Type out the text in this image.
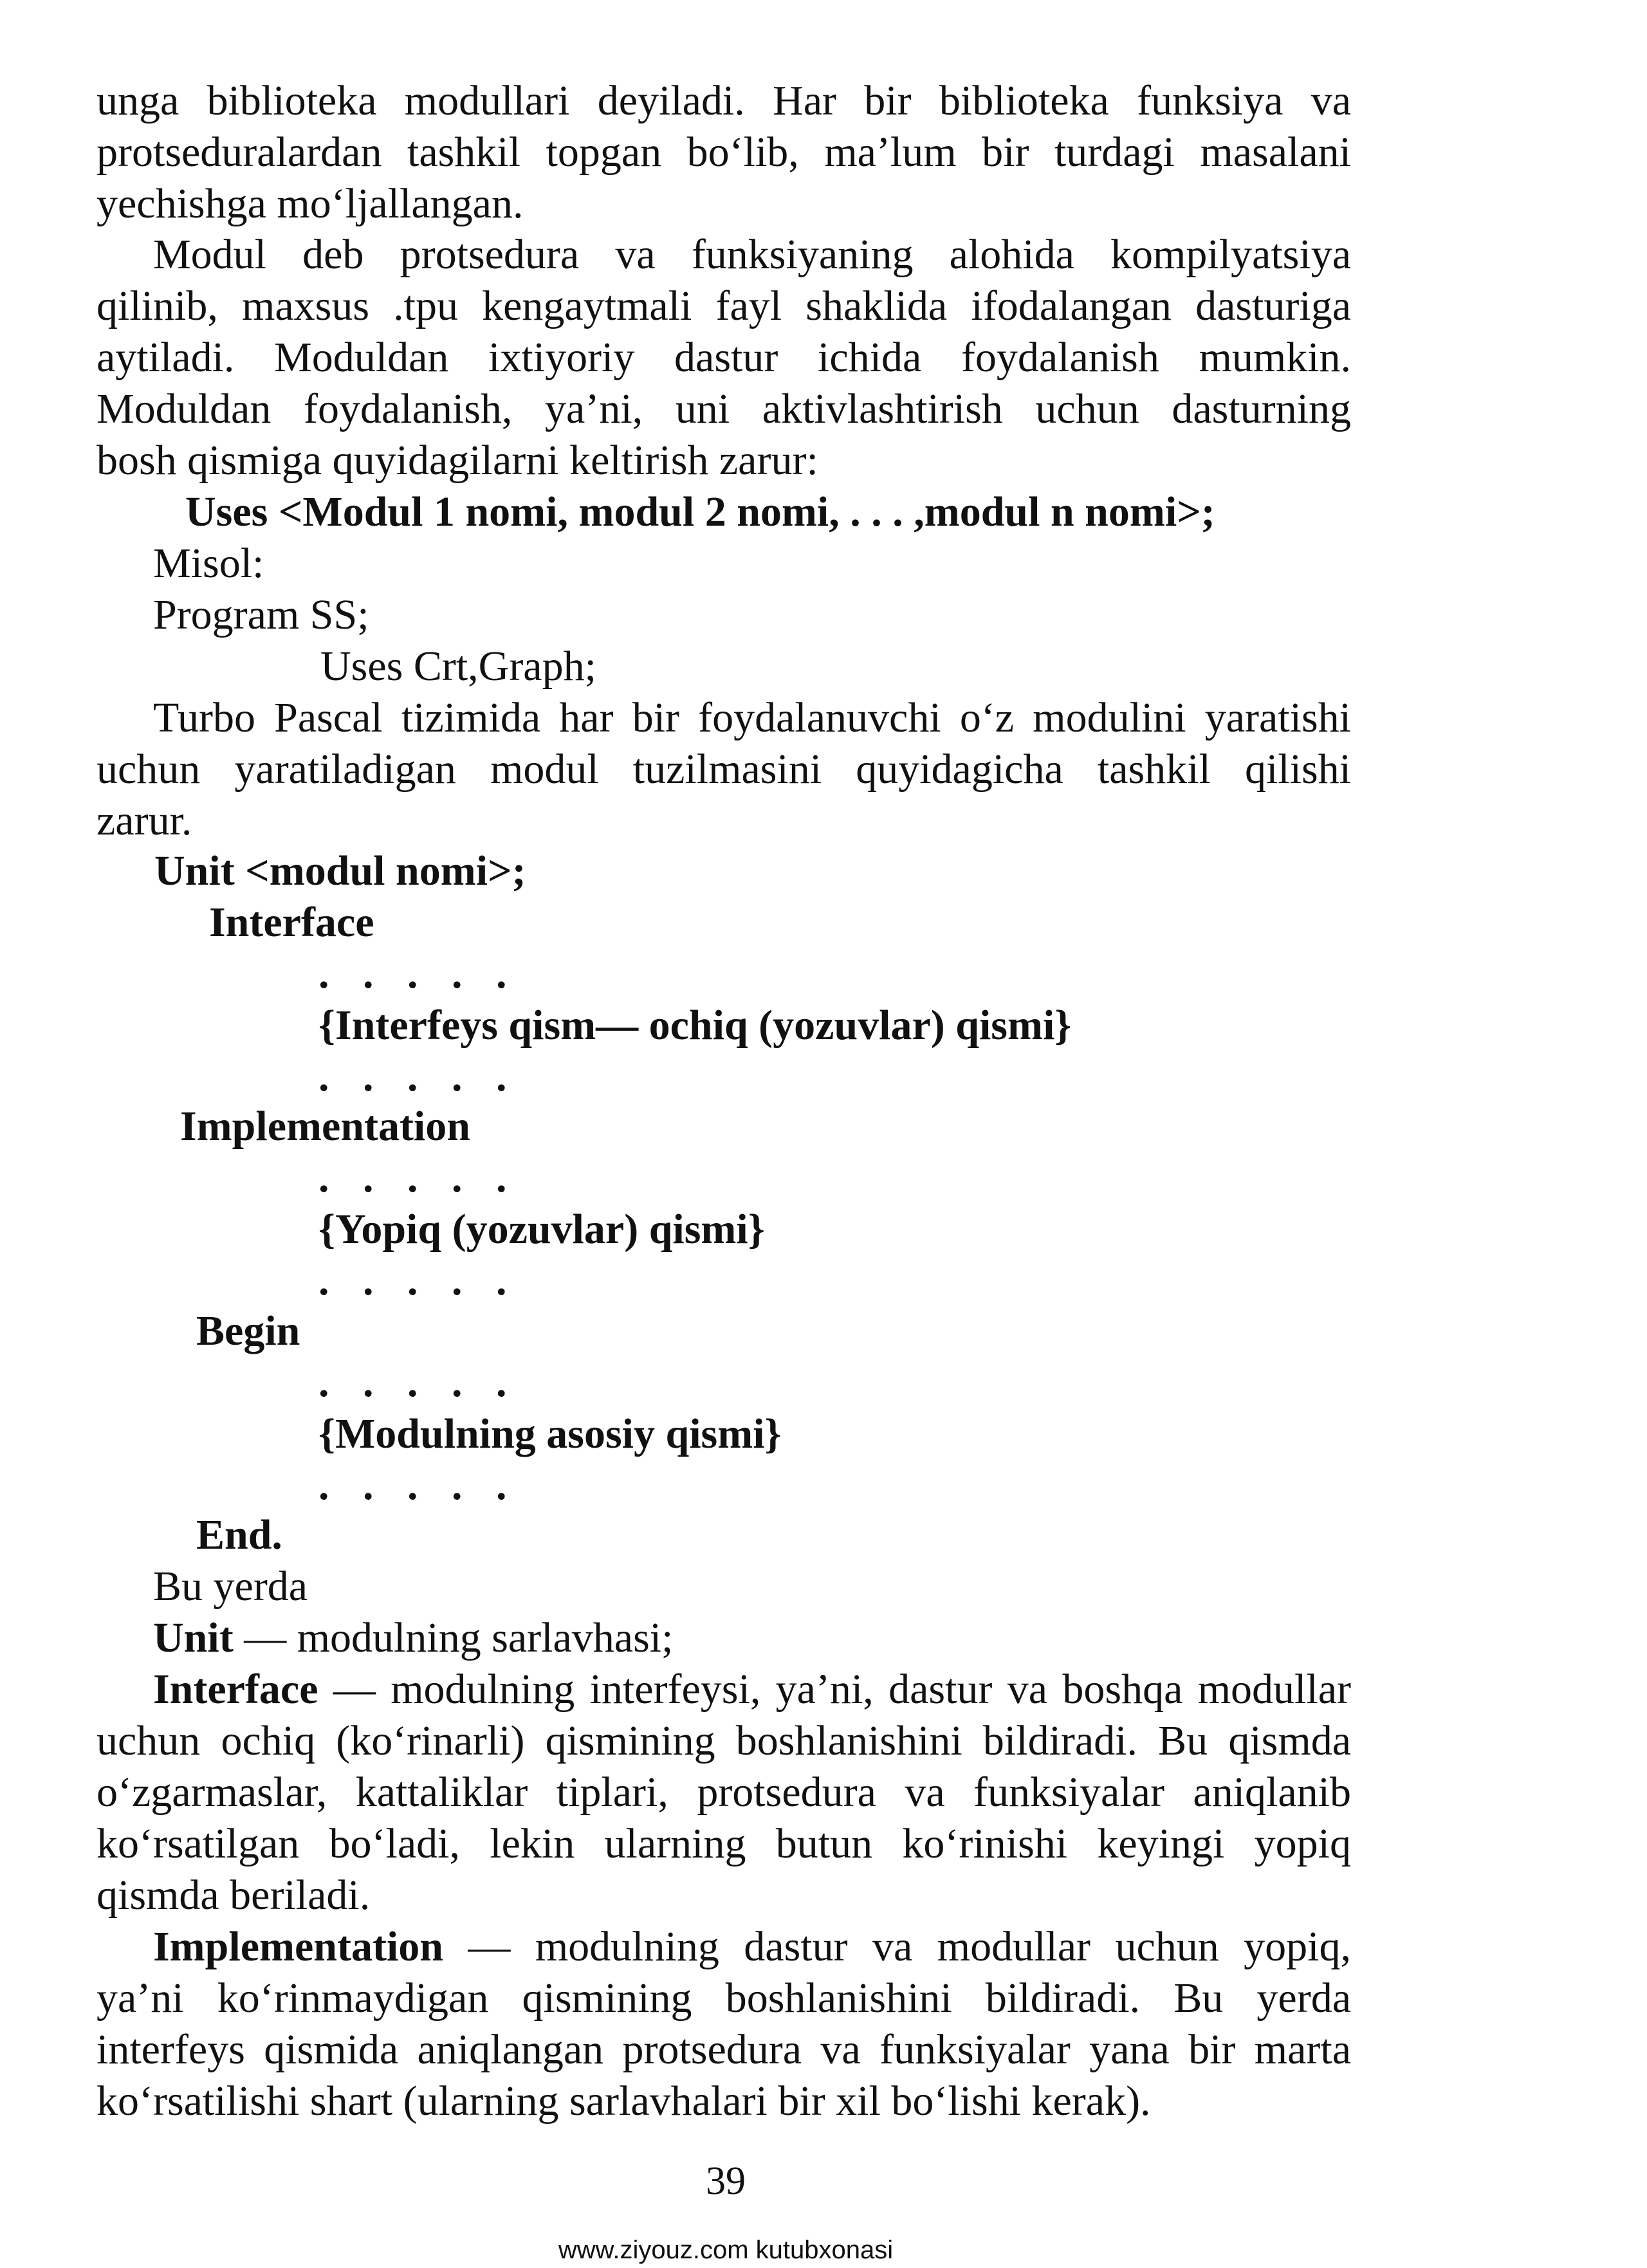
unga biblioteka modullari deyiladi. Har bir biblioteka funksiya va
protseduralardan tashkil topgan bo‘lib, ma’lum bir turdagi masalani
yechishga mo‘ljallangan.
Modul deb protsedura va funksiyaning alohida kompilyatsiya
qilinib, maxsus .tpu kengaytmali fayl shaklida ifodalangan dasturiga
aytiladi. Moduldan ixtiyoriy dastur ichida foydalanish mumkin.
Moduldan foydalanish, ya’ni, uni aktivlashtirish uchun dasturning
bosh qismiga quyidagilarni keltirish zarur:
Uses <Modul 1 nomi, modul 2 nomi, . . . ,modul n nomi>;
Misol:
Program SS;
Uses Crt,Graph;
Turbo Pascal tizimida har bir foydalanuvchi o‘z modulini yaratishi
uchun yaratiladigan modul tuzilmasini quyidagicha tashkil qilishi
zarur.
Unit <modul nomi>;
Interface
. . . . .
{Interfeys qism— ochiq (yozuvlar) qismi}
. . . . .
Implementation
. . . . .
{Yopiq (yozuvlar) qismi}
. . . . .
Begin
. . . . .
{Modulning asosiy qismi}
. . . . .
End.
Bu yerda
Unit — modulning sarlavhasi;
Interface — modulning interfeysi, ya’ni, dastur va boshqa modullar
uchun ochiq (ko‘rinarli) qismining boshlanishini bildiradi. Bu qismda
o‘zgarmaslar, kattaliklar tiplari, protsedura va funksiyalar aniqlanib
ko‘rsatilgan bo‘ladi, lekin ularning butun ko‘rinishi keyingi yopiq
qismda beriladi.
Implementation — modulning dastur va modullar uchun yopiq,
ya’ni ko‘rinmaydigan qismining boshlanishini bildiradi. Bu yerda
interfeys qismida aniqlangan protsedura va funksiyalar yana bir marta
ko‘rsatilishi shart (ularning sarlavhalari bir xil bo‘lishi kerak).
39
www.ziyouz.com kutubxonasi
